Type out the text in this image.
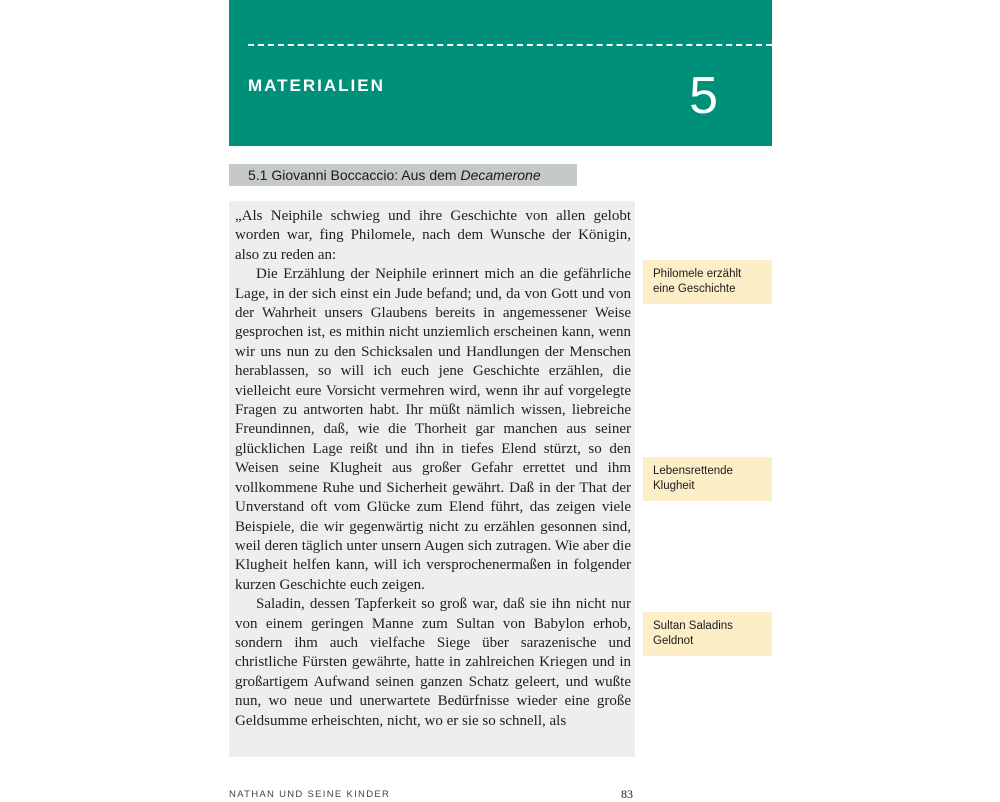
MATERIALIEN	5
5.1 Giovanni Boccaccio: Aus dem Decamerone

„Als Neiphile schwieg und ihre Geschichte von allen gelobt worden war, fing Philomele, nach dem Wunsche der Königin, also zu reden an:

Die Erzählung der Neiphile erinnert mich an die gefährliche Lage, in der sich einst ein Jude befand; und, da von Gott und von der Wahrheit unsers Glaubens bereits in angemessener Weise gesprochen ist, es mithin nicht unziemlich erscheinen kann, wenn wir uns nun zu den Schicksalen und Handlungen der Menschen herablassen, so will ich euch jene Geschichte erzählen, die vielleicht eure Vorsicht vermehren wird, wenn ihr auf vorgelegte Fragen zu antworten habt. Ihr müßt nämlich wissen, liebreiche Freundinnen, daß, wie die Thorheit gar manchen aus seiner glücklichen Lage reißt und ihn in tiefes Elend stürzt, so den Weisen seine Klugheit aus großer Gefahr errettet und ihm vollkommene Ruhe und Sicherheit gewährt. Daß in der That der Unverstand oft vom Glücke zum Elend führt, das zeigen viele Beispiele, die wir gegenwärtig nicht zu erzählen gesonnen sind, weil deren täglich unter unsern Augen sich zutragen. Wie aber die Klugheit helfen kann, will ich versprochenermaßen in folgender kurzen Geschichte euch zeigen.

Saladin, dessen Tapferkeit so groß war, daß sie ihn nicht nur von einem geringen Manne zum Sultan von Babylon erhob, sondern ihm auch vielfache Siege über sarazenische und christliche Fürsten gewährte, hatte in zahlreichen Kriegen und in großartigem Aufwand seinen ganzen Schatz geleert, und wußte nun, wo neue und unerwartete Bedürfnisse wieder eine große Geldsumme erheischten, nicht, wo er sie so schnell, als

Philomele erzählt eine Geschichte
Lebensrettende Klugheit
Sultan Saladins Geldnot
NATHAN UND SEINE KINDER	83
